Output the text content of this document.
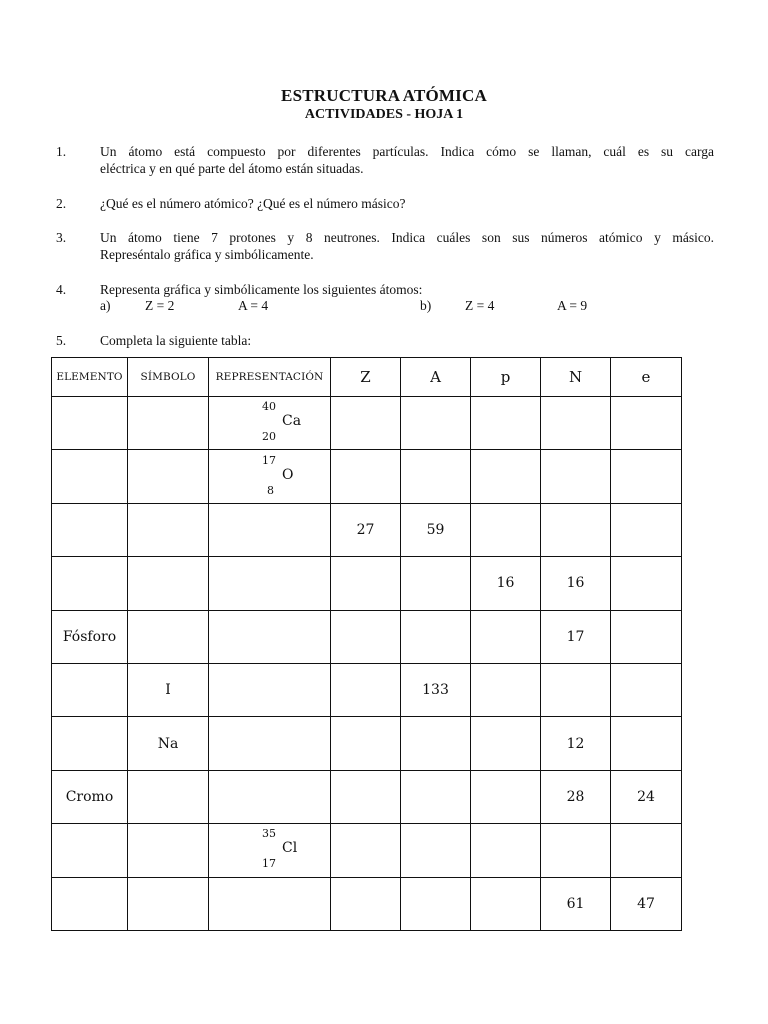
ESTRUCTURA ATÓMICA
ACTIVIDADES - HOJA 1
1.	Un átomo está compuesto por diferentes partículas. Indica cómo se llaman, cuál es su carga
eléctrica y en qué parte del átomo están situadas.
2.	¿Qué es el número atómico? ¿Qué es el número másico?
3.	Un átomo tiene 7 protones y 8 neutrones. Indica cuáles son sus números atómico y másico.
Represéntalo gráfica y simbólicamente.
4.	Representa gráfica y simbólicamente los siguientes átomos:
a)	Z = 2	A = 4	b)	Z = 4	A = 9
5.	Completa la siguiente tabla:
ELEMENTO	SÍMBOLO	REPRESENTACIÓN	Z	A	p	N	e

		40
Ca
20					

		17
O
8					

			27	59			
					16	16	
Fósforo						17	
	I			133			
	Na					12	
Cromo						28	24

		35
Cl
17					

						61	47
